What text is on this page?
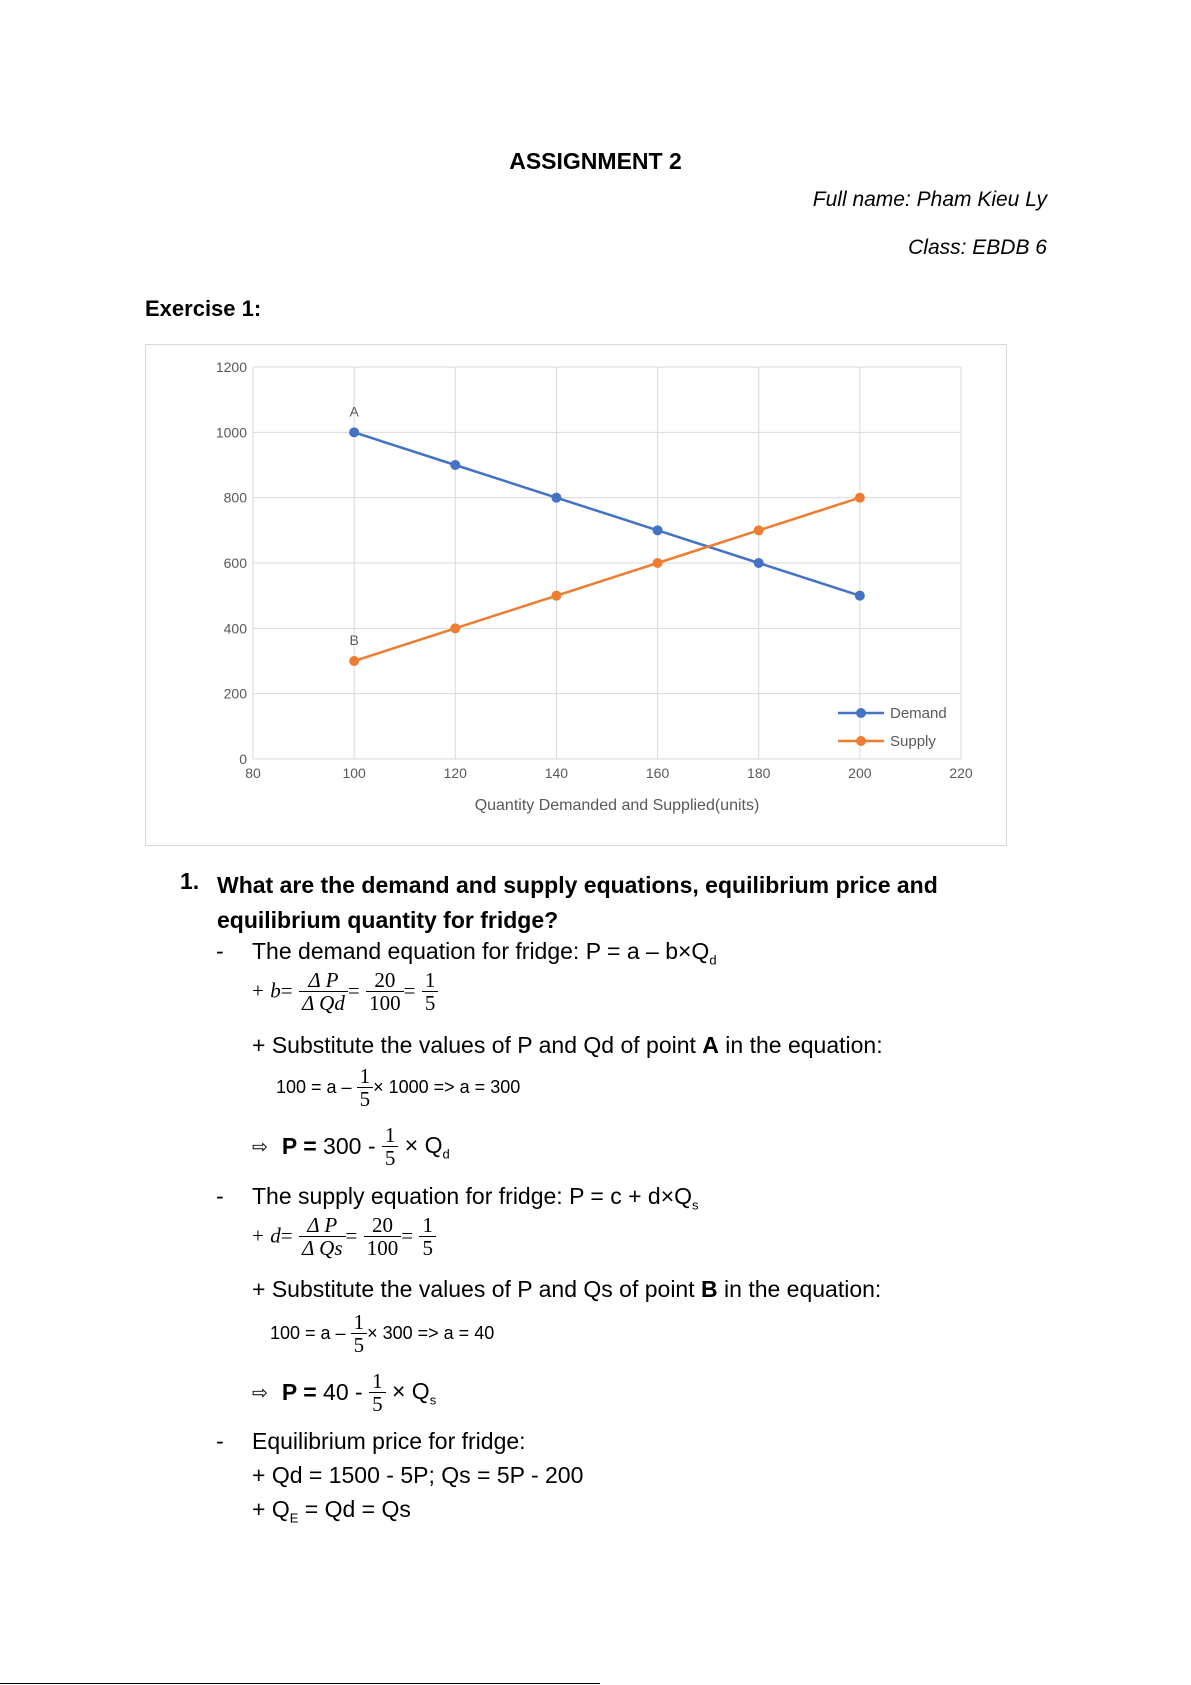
ASSIGNMENT 2
Full name: Pham Kieu Ly
Class: EBDB 6
Exercise 1:
0
200
400
600
800
1000
1200
80	100	120	140	160	180	200	220
Quantity Demanded and Supplied(units)
Demand
Supply
A
B
1. What are the demand and supply equations, equilibrium price and equilibrium quantity for fridge?
- The demand equation for fridge: $P = a - b\times Q_d$
+ $b= \frac{\text{Δ P}}{\text{Δ Qd}} = \frac{20}{100} = \frac{1}{5}$
+ Substitute the values of P and Qd of point A in the equation:
$100 = a - \frac{1}{5} \times 1000 => a = 300$
⇨ $P = 300 - \frac{1}{5} \times Q_d$
- The supply equation for fridge: $P = c + d\times Q_s$
+ $d= \frac{\text{Δ P}}{\text{Δ Qs}} = \frac{20}{100} = \frac{1}{5}$
+ Substitute the values of P and Qs of point B in the equation:
$100 = a - \frac{1}{5} \times 300 => a = 40$
⇨ $P = 40 - \frac{1}{5} \times Q_s$
- Equilibrium price for fridge:
+ Qd = 1500 - 5P; Qs = 5P - 200
+ $Q_E = Qd = Qs$
